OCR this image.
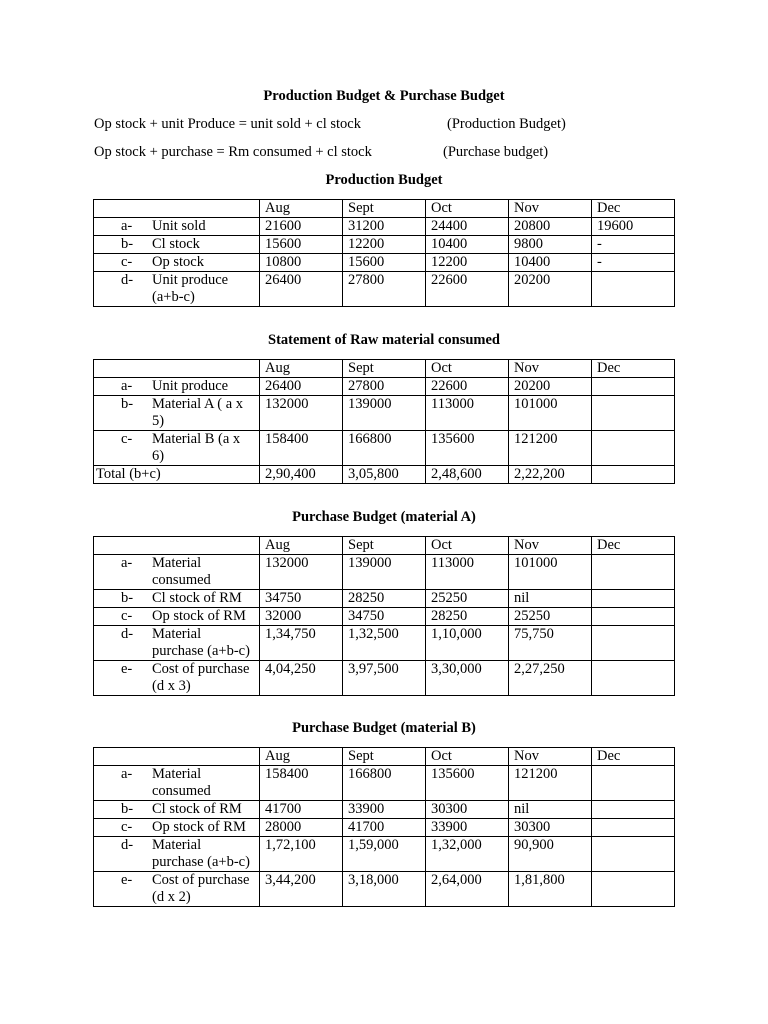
Production Budget & Purchase Budget
Op stock + unit Produce = unit sold + cl stock	(Production Budget)
Op stock + purchase = Rm consumed + cl stock	(Purchase budget)
Production Budget
	Aug	Sept	Oct	Nov	Dec

a- Unit sold	21600	31200	24400	20800	19600

b- Cl stock	15600	12200	10400	9800	-

c- Op stock	10800	15600	12200	10400	-

d- Unit produce (a+b-c)	26400	27800	22600	20200	
Statement of Raw material consumed
	Aug	Sept	Oct	Nov	Dec

a- Unit produce	26400	27800	22600	20200	

b- Material A ( a x 5)	132000	139000	113000	101000	

c- Material B (a x 6)	158400	166800	135600	121200	
Total (b+c)	2,90,400	3,05,800	2,48,600	2,22,200	
Purchase Budget (material A)
	Aug	Sept	Oct	Nov	Dec

a- Material consumed	132000	139000	113000	101000	

b- Cl stock of RM	34750	28250	25250	nil	

c- Op stock of RM	32000	34750	28250	25250	

d- Material purchase (a+b-c)	1,34,750	1,32,500	1,10,000	75,750	

e- Cost of purchase (d x 3)	4,04,250	3,97,500	3,30,000	2,27,250	
Purchase Budget (material B)
	Aug	Sept	Oct	Nov	Dec

a- Material consumed	158400	166800	135600	121200	

b- Cl stock of RM	41700	33900	30300	nil	

c- Op stock of RM	28000	41700	33900	30300	

d- Material purchase (a+b-c)	1,72,100	1,59,000	1,32,000	90,900	

e- Cost of purchase (d x 2)	3,44,200	3,18,000	2,64,000	1,81,800	
